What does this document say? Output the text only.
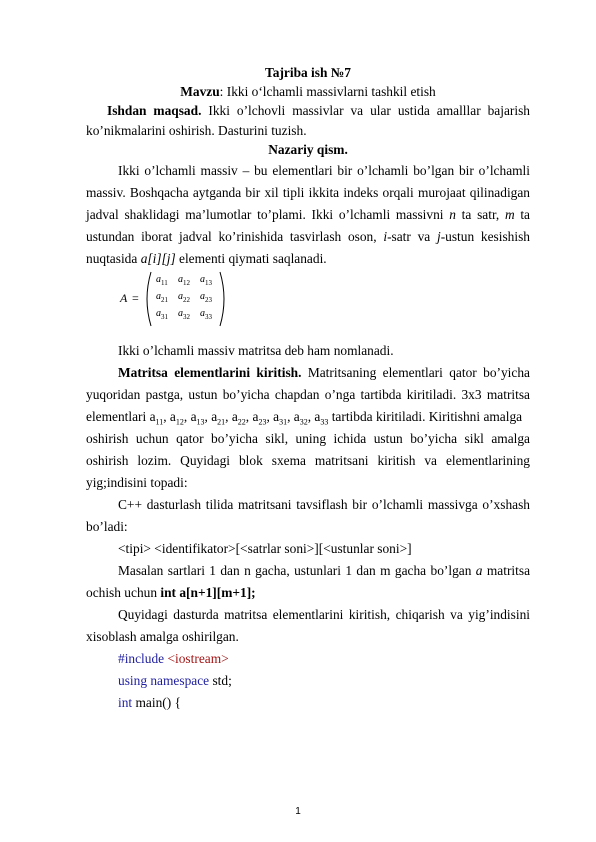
Tajriba ish №7
Mavzu: Ikki o‘lchamli massivlarni tashkil etish
Ishdan maqsad. Ikki o’lchovli massivlar va ular ustida amalllar bajarish
ko’nikmalarini oshirish. Dasturini tuzish.
Nazariy qism.
Ikki o’lchamli massiv – bu elementlari bir o’lchamli bo’lgan bir o’lchamli
massiv. Boshqacha aytganda bir xil tipli ikkita indeks orqali murojaat qilinadigan
jadval shaklidagi ma’lumotlar to’plami. Ikki o’lchamli massivni n ta satr, m ta
ustundan iborat jadval ko’rinishida tasvirlash oson, i-satr va j-ustun kesishish
nuqtasida a[i][j] elementi qiymati saqlanadi.
A =
$a_{11}$ $a_{12}$ $a_{13}$
$a_{21}$ $a_{22}$ $a_{23}$
$a_{31}$ $a_{32}$ $a_{33}$
Ikki o’lchamli massiv matritsa deb ham nomlanadi.
Matritsa elementlarini kiritish. Matritsaning elementlari qator bo’yicha
yuqoridan pastga, ustun bo’yicha chapdan o’nga tartibda kiritiladi. 3x3 matritsa
elementlari $a_{11}$, $a_{12}$, $a_{13}$, $a_{21}$, $a_{22}$, $a_{23}$, $a_{31}$, $a_{32}$, $a_{33}$ tartibda kiritiladi. Kiritishni amalga
oshirish uchun qator bo’yicha sikl, uning ichida ustun bo’yicha sikl amalga
oshirish lozim. Quyidagi blok sxema matritsani kiritish va elementlarining
yig;indisini topadi:
C++ dasturlash tilida matritsani tavsiflash bir o’lchamli massivga o’xshash
bo’ladi:
<tipi> <identifikator>[<satrlar soni>][<ustunlar soni>]
Masalan sartlari 1 dan n gacha, ustunlari 1 dan m gacha bo’lgan a matritsa
ochish uchun int a[n+1][m+1];
Quyidagi dasturda matritsa elementlarini kiritish, chiqarish va yig’indisini
xisoblash amalga oshirilgan.
#include <iostream>
using namespace std;
int main() {
1
